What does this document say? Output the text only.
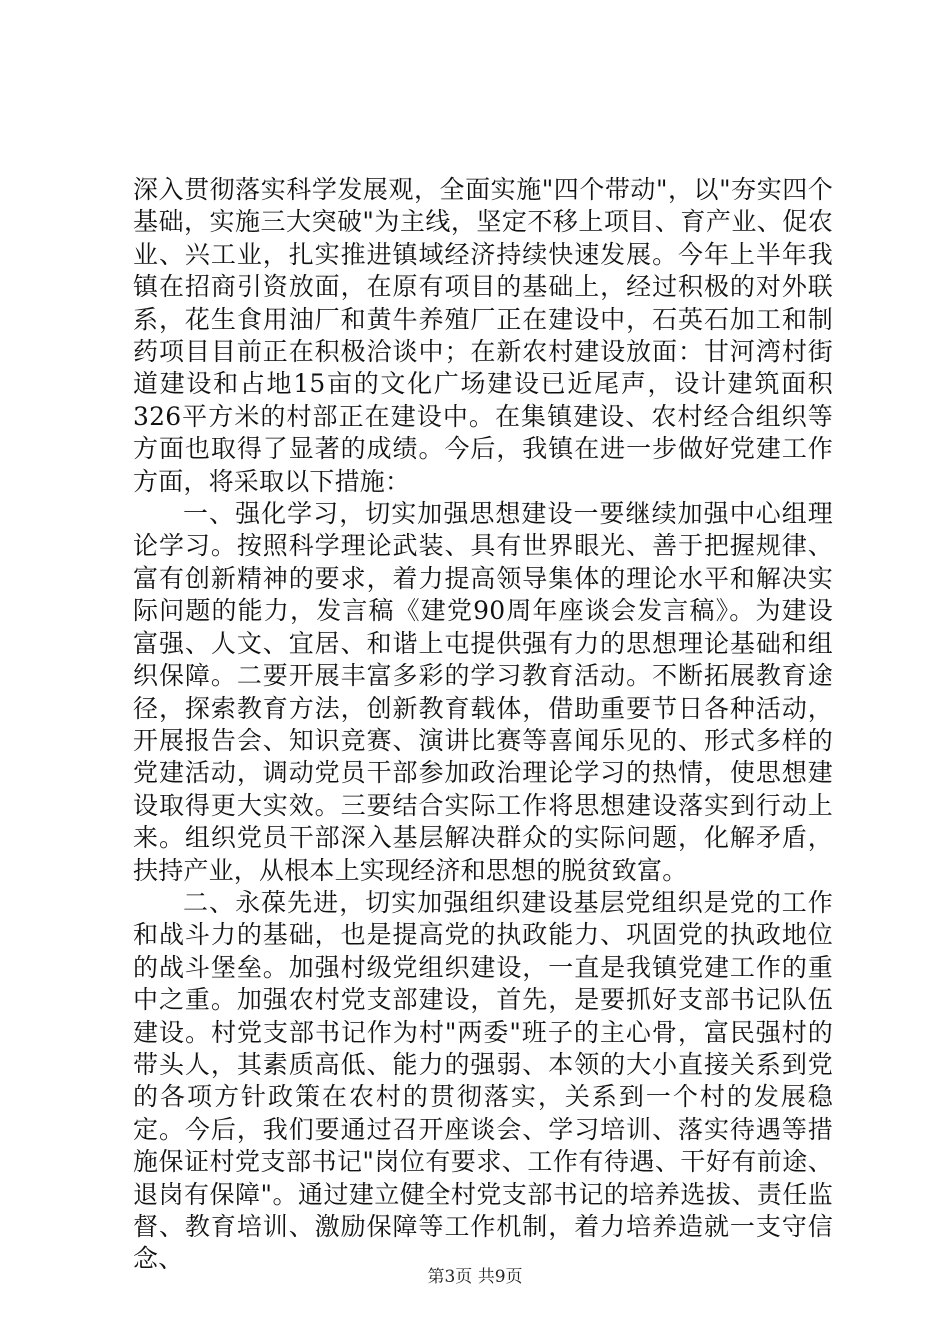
深入贯彻落实科学发展观，全面实施"四个带动"，以"夯实四个基础，实施三大突破"为主线，坚定不移上项目、育产业、促农业、兴工业，扎实推进镇域经济持续快速发展。今年上半年我镇在招商引资放面，在原有项目的基础上，经过积极的对外联系，花生食用油厂和黄牛养殖厂正在建设中，石英石加工和制药项目目前正在积极洽谈中；在新农村建设放面：甘河湾村街道建设和占地15亩的文化广场建设已近尾声，设计建筑面积326平方米的村部正在建设中。在集镇建设、农村经合组织等方面也取得了显著的成绩。今后，我镇在进一步做好党建工作方面，将采取以下措施：

一、强化学习，切实加强思想建设一要继续加强中心组理论学习。按照科学理论武装、具有世界眼光、善于把握规律、富有创新精神的要求，着力提高领导集体的理论水平和解决实际问题的能力，发言稿《建党90周年座谈会发言稿》。为建设富强、人文、宜居、和谐上屯提供强有力的思想理论基础和组织保障。二要开展丰富多彩的学习教育活动。不断拓展教育途径，探索教育方法，创新教育载体，借助重要节日各种活动，开展报告会、知识竞赛、演讲比赛等喜闻乐见的、形式多样的党建活动，调动党员干部参加政治理论学习的热情，使思想建设取得更大实效。三要结合实际工作将思想建设落实到行动上来。组织党员干部深入基层解决群众的实际问题，化解矛盾，扶持产业，从根本上实现经济和思想的脱贫致富。

二、永葆先进，切实加强组织建设基层党组织是党的工作和战斗力的基础，也是提高党的执政能力、巩固党的执政地位的战斗堡垒。加强村级党组织建设，一直是我镇党建工作的重中之重。加强农村党支部建设，首先，是要抓好支部书记队伍建设。村党支部书记作为村"两委"班子的主心骨，富民强村的带头人，其素质高低、能力的强弱、本领的大小直接关系到党的各项方针政策在农村的贯彻落实，关系到一个村的发展稳定。今后，我们要通过召开座谈会、学习培训、落实待遇等措施保证村党支部书记"岗位有要求、工作有待遇、干好有前途、退岗有保障"。通过建立健全村党支部书记的培养选拔、责任监督、教育培训、激励保障等工作机制，着力培养造就一支守信念、

第3页 共9页
